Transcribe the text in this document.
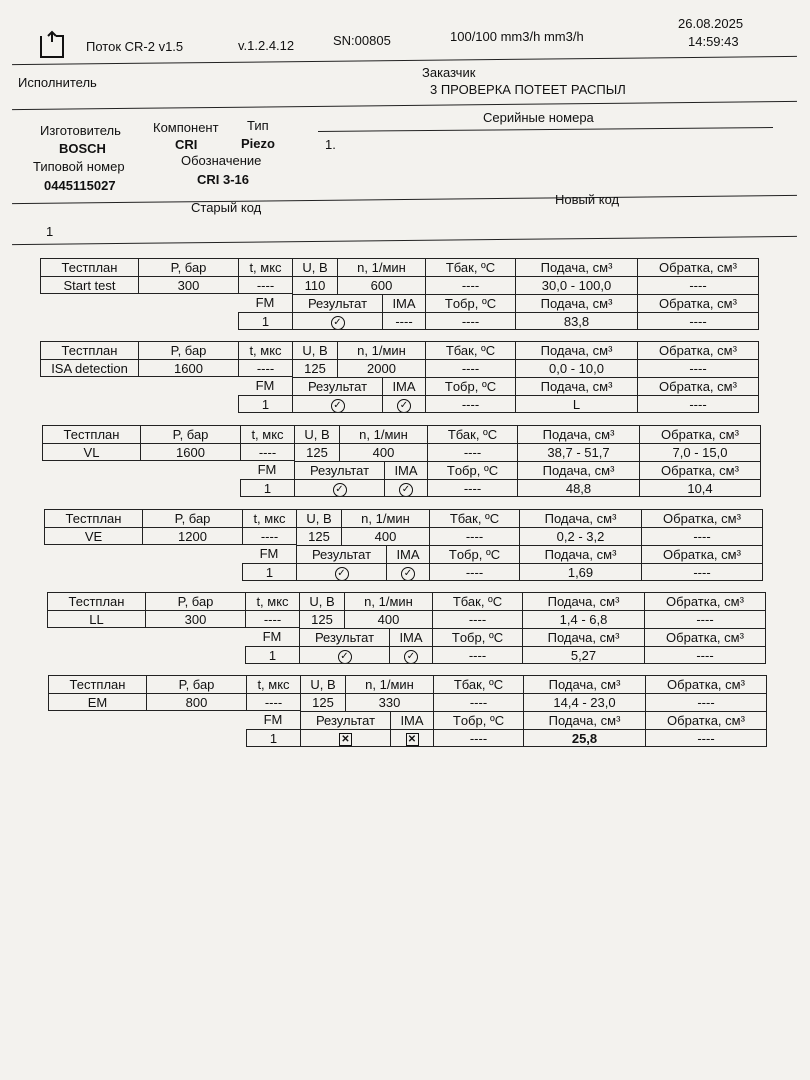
Поток CR-2 v1.5	v.1.2.4.12	SN:00805	100/100 mm3/h mm3/h
26.08.2025
14:59:43
Исполнитель
Заказчик
3 ПРОВЕРКА ПОТЕЕТ РАСПЫЛ
Изготовитель
BOSCH
Компонент
CRI
Тип
Piezo
Типовой номер
0445115027
Обозначение
CRI 3-16
Серийные номера
1.
Старый код
Новый код
1
Тестплан	P, бар	t, мкс	U, В	n, 1/мин	Tбак, ºC	Подача, см³	Обратка, см³
Start test	300	----	110	600	----	30,0 - 100,0	----
FM	Результат	IMA	Tобр, ºC	Подача, см³	Обратка, см³
1	✓	----	----	83,8	----
Тестплан	P, бар	t, мкс	U, В	n, 1/мин	Tбак, ºC	Подача, см³	Обратка, см³
ISA detection	1600	----	125	2000	----	0,0 - 10,0	----
FM	Результат	IMA	Tобр, ºC	Подача, см³	Обратка, см³
1	✓	✓	----	L	----
Тестплан	P, бар	t, мкс	U, В	n, 1/мин	Tбак, ºC	Подача, см³	Обратка, см³
VL	1600	----	125	400	----	38,7 - 51,7	7,0 - 15,0
FM	Результат	IMA	Tобр, ºC	Подача, см³	Обратка, см³
1	✓	✓	----	48,8	10,4
Тестплан	P, бар	t, мкс	U, В	n, 1/мин	Tбак, ºC	Подача, см³	Обратка, см³
VE	1200	----	125	400	----	0,2 - 3,2	----
FM	Результат	IMA	Tобр, ºC	Подача, см³	Обратка, см³
1	✓	✓	----	1,69	----
Тестплан	P, бар	t, мкс	U, В	n, 1/мин	Tбак, ºC	Подача, см³	Обратка, см³
LL	300	----	125	400	----	1,4 - 6,8	----
FM	Результат	IMA	Tобр, ºC	Подача, см³	Обратка, см³
1	✓	✓	----	5,27	----
Тестплан	P, бар	t, мкс	U, В	n, 1/мин	Tбак, ºC	Подача, см³	Обратка, см³
EM	800	----	125	330	----	14,4 - 23,0	----
FM	Результат	IMA	Tобр, ºC	Подача, см³	Обратка, см³
1	✕	✕	----	25,8	----
